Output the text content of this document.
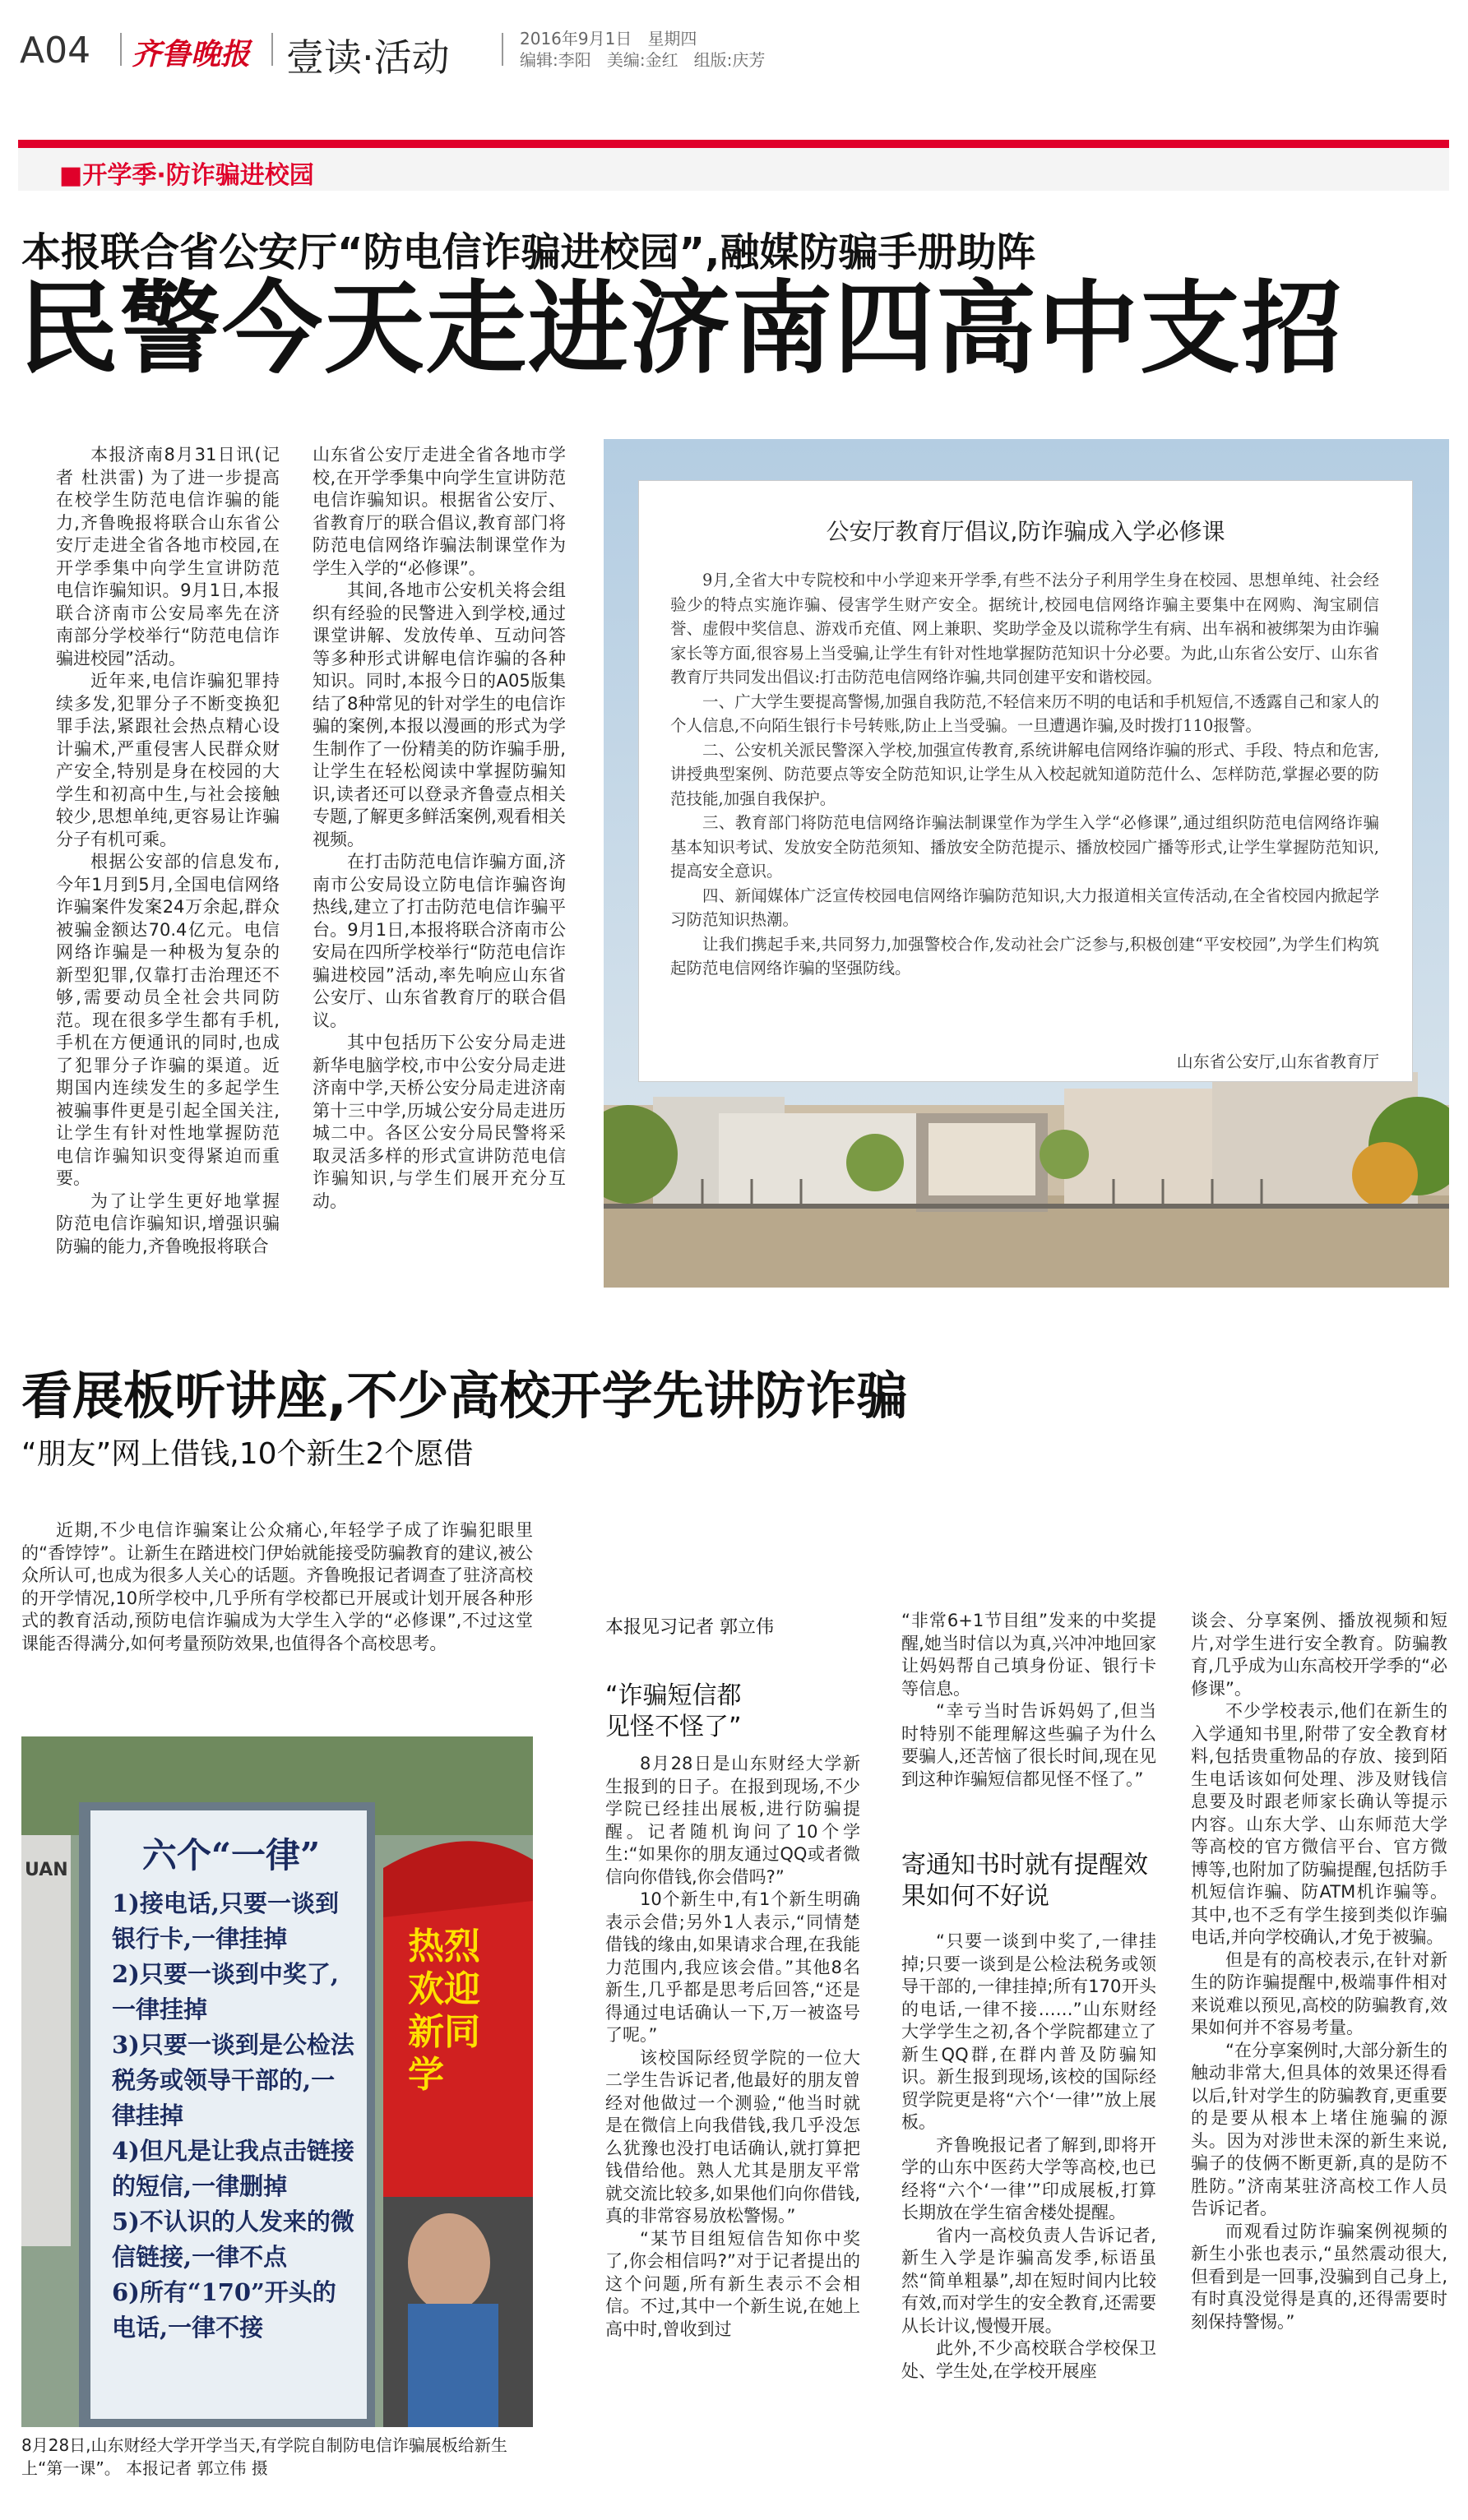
A04 齐鲁晚报 壹读·活动	2016年9月1日 星期四
编辑:李阳 美编:金红 组版:庆芳
■开学季·防诈骗进校园
本报联合省公安厅“防电信诈骗进校园”,融媒防骗手册助阵
民警今天走进济南四高中支招
本报济南8月31日讯(记者 杜洪雷) 为了进一步提高在校学生防范电信诈骗的能力,齐鲁晚报将联合山东省公安厅走进全省各地市校园,在开学季集中向学生宣讲防范电信诈骗知识。9月1日,本报联合济南市公安局率先在济南部分学校举行“防范电信诈骗进校园”活动。
近年来,电信诈骗犯罪持续多发,犯罪分子不断变换犯罪手法,紧跟社会热点精心设计骗术,严重侵害人民群众财产安全,特别是身在校园的大学生和初高中生,与社会接触较少,思想单纯,更容易让诈骗分子有机可乘。
根据公安部的信息发布,今年1月到5月,全国电信网络诈骗案件发案24万余起,群众被骗金额达70.4亿元。电信网络诈骗是一种极为复杂的新型犯罪,仅靠打击治理还不够,需要动员全社会共同防范。现在很多学生都有手机,手机在方便通讯的同时,也成了犯罪分子诈骗的渠道。近期国内连续发生的多起学生被骗事件更是引起全国关注,让学生有针对性地掌握防范电信诈骗知识变得紧迫而重要。
为了让学生更好地掌握防范电信诈骗知识,增强识骗防骗的能力,齐鲁晚报将联合
山东省公安厅走进全省各地市学校,在开学季集中向学生宣讲防范电信诈骗知识。根据省公安厅、省教育厅的联合倡议,教育部门将防范电信网络诈骗法制课堂作为学生入学的“必修课”。
其间,各地市公安机关将会组织有经验的民警进入到学校,通过课堂讲解、发放传单、互动问答等多种形式讲解电信诈骗的各种知识。同时,本报今日的A05版集结了8种常见的针对学生的电信诈骗的案例,本报以漫画的形式为学生制作了一份精美的防诈骗手册,让学生在轻松阅读中掌握防骗知识,读者还可以登录齐鲁壹点相关专题,了解更多鲜活案例,观看相关视频。
在打击防范电信诈骗方面,济南市公安局设立防电信诈骗咨询热线,建立了打击防范电信诈骗平台。9月1日,本报将联合济南市公安局在四所学校举行“防范电信诈骗进校园”活动,率先响应山东省公安厅、山东省教育厅的联合倡议。
其中包括历下公安分局走进新华电脑学校,市中公安分局走进济南中学,天桥公安分局走进济南第十三中学,历城公安分局走进历城二中。各区公安分局民警将采取灵活多样的形式宣讲防范电信诈骗知识,与学生们展开充分互动。
公安厅教育厅倡议,防诈骗成入学必修课
9月,全省大中专院校和中小学迎来开学季,有些不法分子利用学生身在校园、思想单纯、社会经验少的特点实施诈骗、侵害学生财产安全。据统计,校园电信网络诈骗主要集中在网购、淘宝刷信誉、虚假中奖信息、游戏币充值、网上兼职、奖助学金及以谎称学生有病、出车祸和被绑架为由诈骗家长等方面,很容易上当受骗,让学生有针对性地掌握防范知识十分必要。为此,山东省公安厅、山东省教育厅共同发出倡议:打击防范电信网络诈骗,共同创建平安和谐校园。
一、广大学生要提高警惕,加强自我防范,不轻信来历不明的电话和手机短信,不透露自己和家人的个人信息,不向陌生银行卡号转账,防止上当受骗。一旦遭遇诈骗,及时拨打110报警。
二、公安机关派民警深入学校,加强宣传教育,系统讲解电信网络诈骗的形式、手段、特点和危害,讲授典型案例、防范要点等安全防范知识,让学生从入校起就知道防范什么、怎样防范,掌握必要的防范技能,加强自我保护。
三、教育部门将防范电信网络诈骗法制课堂作为学生入学“必修课”,通过组织防范电信网络诈骗基本知识考试、发放安全防范须知、播放安全防范提示、播放校园广播等形式,让学生掌握防范知识,提高安全意识。
四、新闻媒体广泛宣传校园电信网络诈骗防范知识,大力报道相关宣传活动,在全省校园内掀起学习防范知识热潮。
让我们携起手来,共同努力,加强警校合作,发动社会广泛参与,积极创建“平安校园”,为学生们构筑起防范电信网络诈骗的坚强防线。
山东省公安厅,山东省教育厅
看展板听讲座,不少高校开学先讲防诈骗
“朋友”网上借钱,10个新生2个愿借
近期,不少电信诈骗案让公众痛心,年轻学子成了诈骗犯眼里的“香饽饽”。让新生在踏进校门伊始就能接受防骗教育的建议,被公众所认可,也成为很多人关心的话题。齐鲁晚报记者调查了驻济高校的开学情况,10所学校中,几乎所有学校都已开展或计划开展各种形式的教育活动,预防电信诈骗成为大学生入学的“必修课”,不过这堂课能否得满分,如何考量预防效果,也值得各个高校思考。
UAN
热烈欢迎新同学
六个“一律”
1)接电话,只要一谈到银行卡,一律挂掉
2)只要一谈到中奖了,一律挂掉
3)只要一谈到是公检法税务或领导干部的,一律挂掉
4)但凡是让我点击链接的短信,一律删掉
5)不认识的人发来的微信链接,一律不点
6)所有“170”开头的电话,一律不接
8月28日,山东财经大学开学当天,有学院自制防电信诈骗展板给新生上“第一课”。 本报记者 郭立伟 摄
本报见习记者 郭立伟
“诈骗短信都见怪不怪了”
8月28日是山东财经大学新生报到的日子。在报到现场,不少学院已经挂出展板,进行防骗提醒。记者随机询问了10个学生:“如果你的朋友通过QQ或者微信向你借钱,你会借吗?”
10个新生中,有1个新生明确表示会借;另外1人表示,“同情楚借钱的缘由,如果请求合理,在我能力范围内,我应该会借。”其他8名新生,几乎都是思考后回答,“还是得通过电话确认一下,万一被盗号了呢。”
该校国际经贸学院的一位大二学生告诉记者,他最好的朋友曾经对他做过一个测验,“他当时就是在微信上向我借钱,我几乎没怎么犹豫也没打电话确认,就打算把钱借给他。熟人尤其是朋友平常就交流比较多,如果他们向你借钱,真的非常容易放松警惕。”
“某节目组短信告知你中奖了,你会相信吗?”对于记者提出的这个问题,所有新生表示不会相信。不过,其中一个新生说,在她上高中时,曾收到过
“非常6+1节目组”发来的中奖提醒,她当时信以为真,兴冲冲地回家让妈妈帮自己填身份证、银行卡等信息。
“幸亏当时告诉妈妈了,但当时特别不能理解这些骗子为什么要骗人,还苦恼了很长时间,现在见到这种诈骗短信都见怪不怪了。”
寄通知书时就有提醒效果如何不好说
“只要一谈到中奖了,一律挂掉;只要一谈到是公检法税务或领导干部的,一律挂掉;所有170开头的电话,一律不接……”山东财经大学学生之初,各个学院都建立了新生QQ群,在群内普及防骗知识。新生报到现场,该校的国际经贸学院更是将“六个‘一律’”放上展板。
齐鲁晚报记者了解到,即将开学的山东中医药大学等高校,也已经将“六个‘一律’”印成展板,打算长期放在学生宿舍楼处提醒。
省内一高校负责人告诉记者,新生入学是诈骗高发季,标语虽然“简单粗暴”,却在短时间内比较有效,而对学生的安全教育,还需要从长计议,慢慢开展。
此外,不少高校联合学校保卫处、学生处,在学校开展座
谈会、分享案例、播放视频和短片,对学生进行安全教育。防骗教育,几乎成为山东高校开学季的“必修课”。
不少学校表示,他们在新生的入学通知书里,附带了安全教育材料,包括贵重物品的存放、接到陌生电话该如何处理、涉及财钱信息要及时跟老师家长确认等提示内容。山东大学、山东师范大学等高校的官方微信平台、官方微博等,也附加了防骗提醒,包括防手机短信诈骗、防ATM机诈骗等。其中,也不乏有学生接到类似诈骗电话,并向学校确认,才免于被骗。
但是有的高校表示,在针对新生的防诈骗提醒中,极端事件相对来说难以预见,高校的防骗教育,效果如何并不容易考量。
“在分享案例时,大部分新生的触动非常大,但具体的效果还得看以后,针对学生的防骗教育,更重要的是要从根本上堵住施骗的源头。因为对涉世未深的新生来说,骗子的伎俩不断更新,真的是防不胜防。”济南某驻济高校工作人员告诉记者。
而观看过防诈骗案例视频的新生小张也表示,“虽然震动很大,但看到是一回事,没骗到自己身上,有时真没觉得是真的,还得需要时刻保持警惕。”
